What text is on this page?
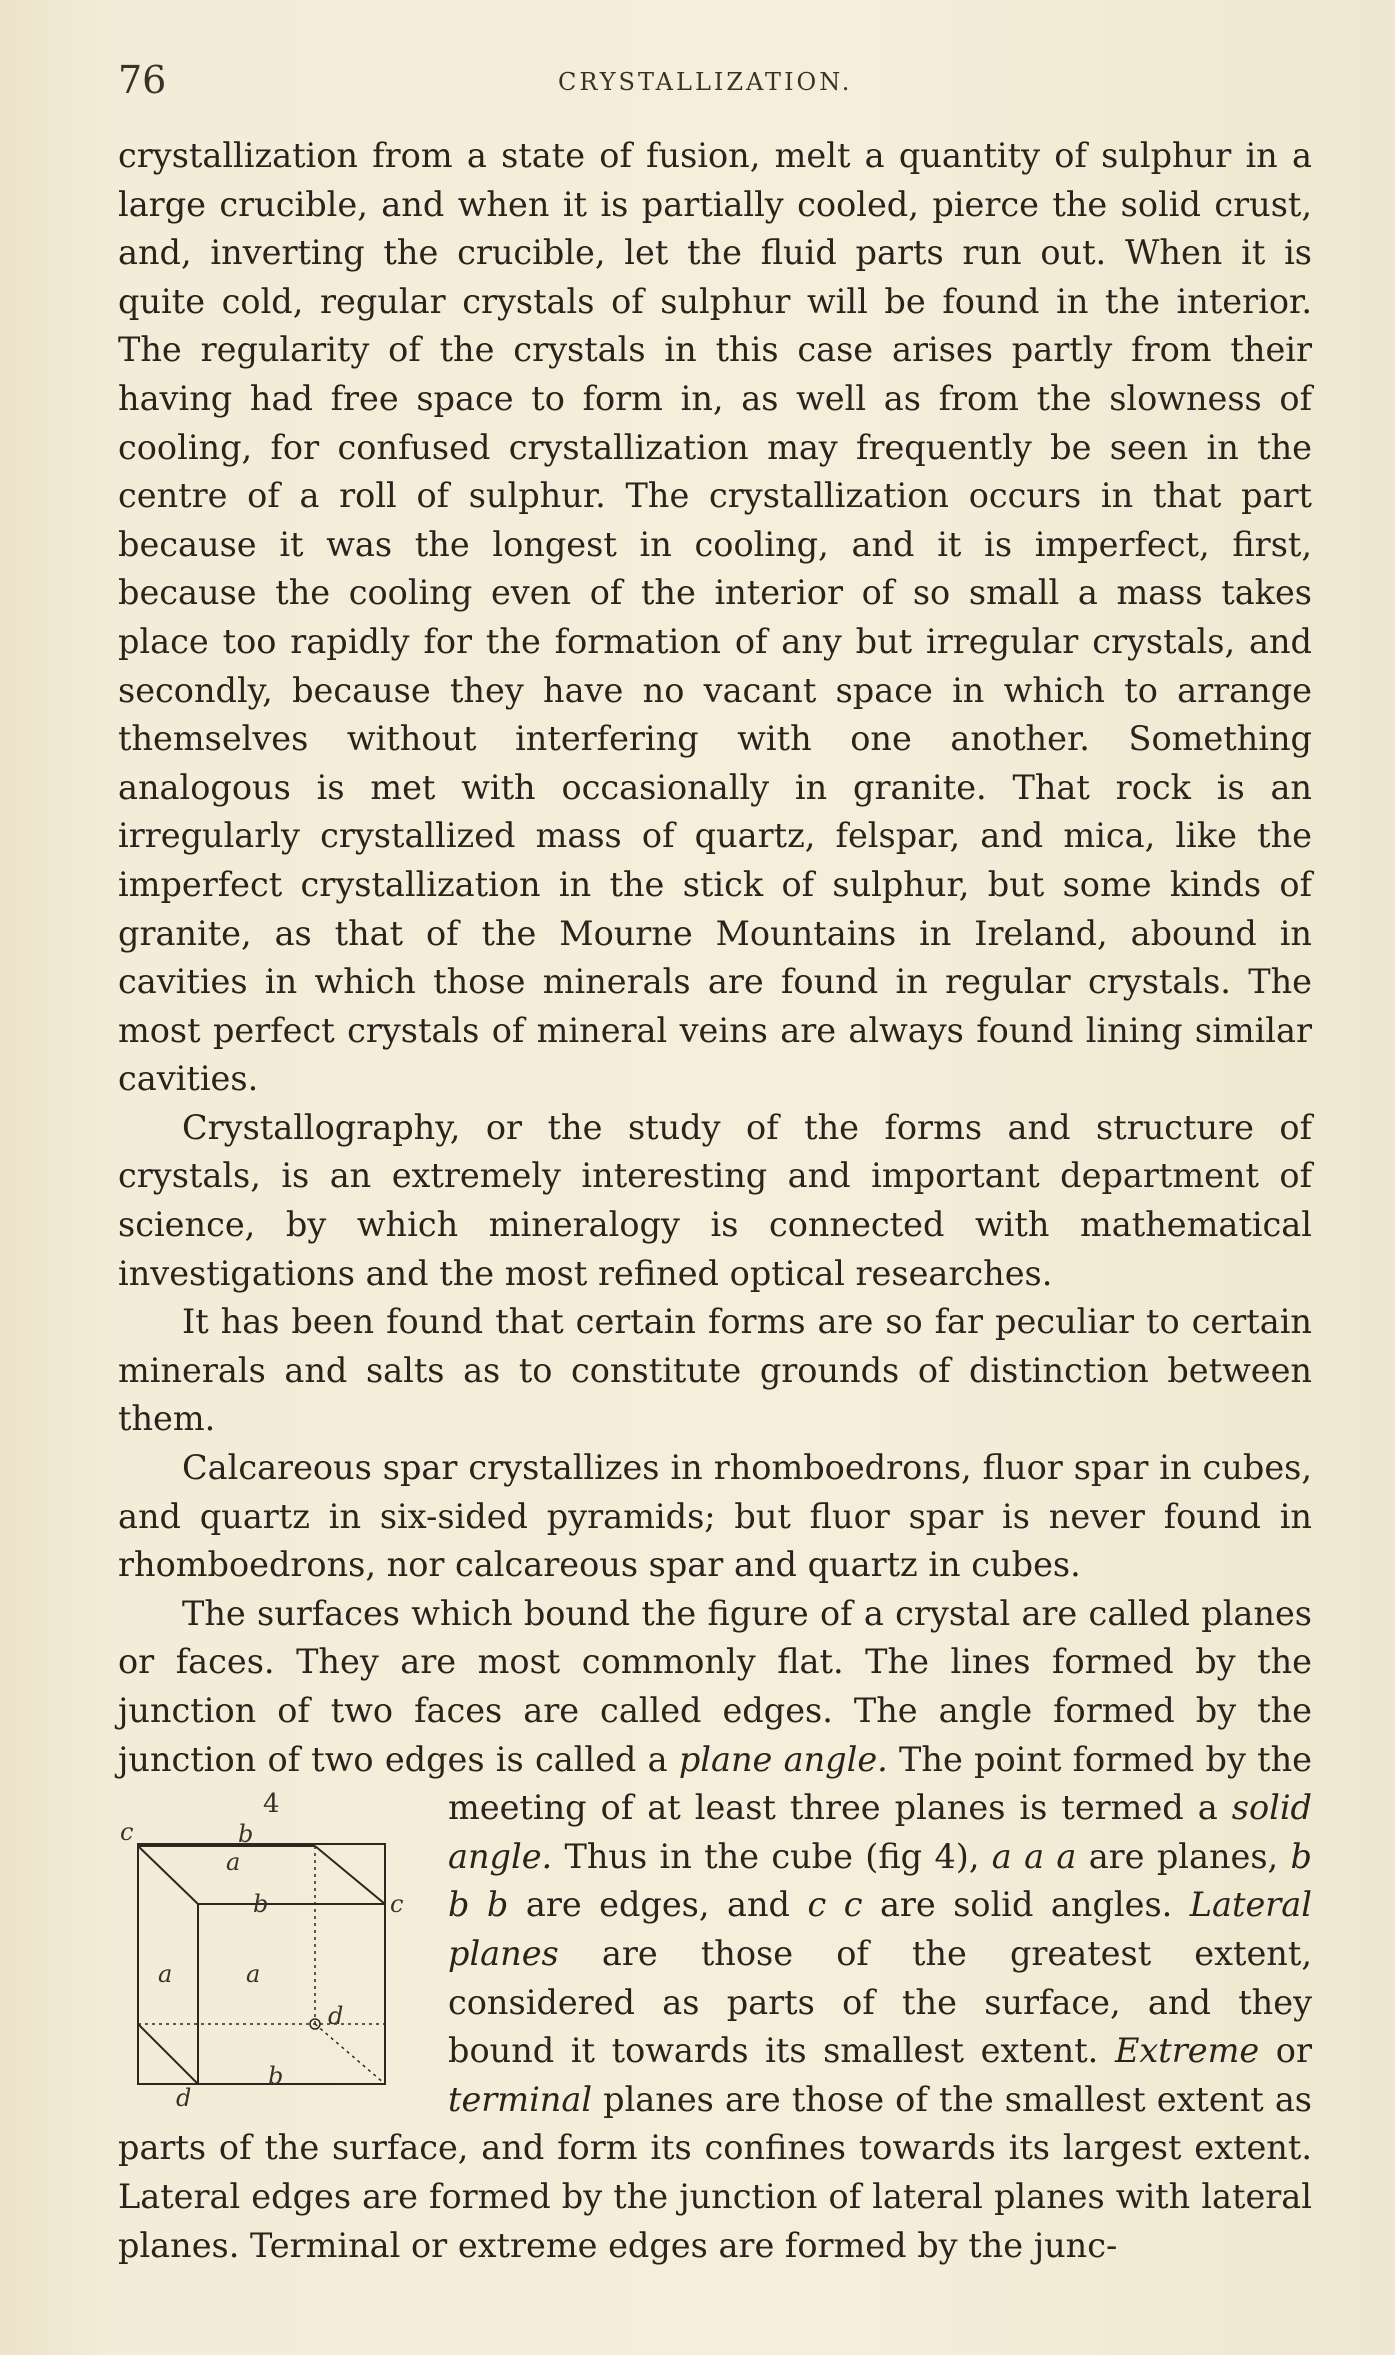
76	CRYSTALLIZATION.

crystallization from a state of fusion, melt a quantity of sulphur in a large crucible, and when it is partially cooled, pierce the solid crust, and, inverting the crucible, let the fluid parts run out. When it is quite cold, regular crystals of sulphur will be found in the interior. The regularity of the crystals in this case arises partly from their having had free space to form in, as well as from the slowness of cooling, for confused crystallization may frequently be seen in the centre of a roll of sulphur. The crystallization occurs in that part because it was the longest in cooling, and it is imperfect, first, because the cooling even of the interior of so small a mass takes place too rapidly for the formation of any but irregular crystals, and secondly, because they have no vacant space in which to arrange themselves without interfering with one another. Something analogous is met with occasionally in granite. That rock is an irregularly crystallized mass of quartz, felspar, and mica, like the imperfect crystallization in the stick of sulphur, but some kinds of granite, as that of the Mourne Mountains in Ireland, abound in cavities in which those minerals are found in regular crystals. The most perfect crystals of mineral veins are always found lining similar cavities.

Crystallography, or the study of the forms and structure of crystals, is an extremely interesting and important department of science, by which mineralogy is connected with mathematical investigations and the most refined optical researches.

It has been found that certain forms are so far peculiar to certain minerals and salts as to constitute grounds of distinction between them.

Calcareous spar crystallizes in rhomboedrons, fluor spar in cubes, and quartz in six-sided pyramids; but fluor spar is never found in rhomboedrons, nor calcareous spar and quartz in cubes.

The surfaces which bound the figure of a crystal are called planes or faces. They are most commonly flat. The lines formed by the junction of two faces are called edges. The angle formed by the junction of two edges is called a plane angle. The point formed by the meeting of at least three planes is termed a
4
c
c
a
a	a
b
b
b
d
d
solid angle. Thus in the cube (fig 4), a a a are planes, b b b are edges, and c c are solid angles. Lateral planes are those of the greatest extent, considered as parts of the surface, and they bound it towards its smallest extent. Extreme or terminal planes are those of the smallest extent as parts of the surface, and form its confines towards its largest extent. Lateral edges are formed by the junction of lateral planes with lateral planes. Terminal or extreme edges are formed by the junc-
